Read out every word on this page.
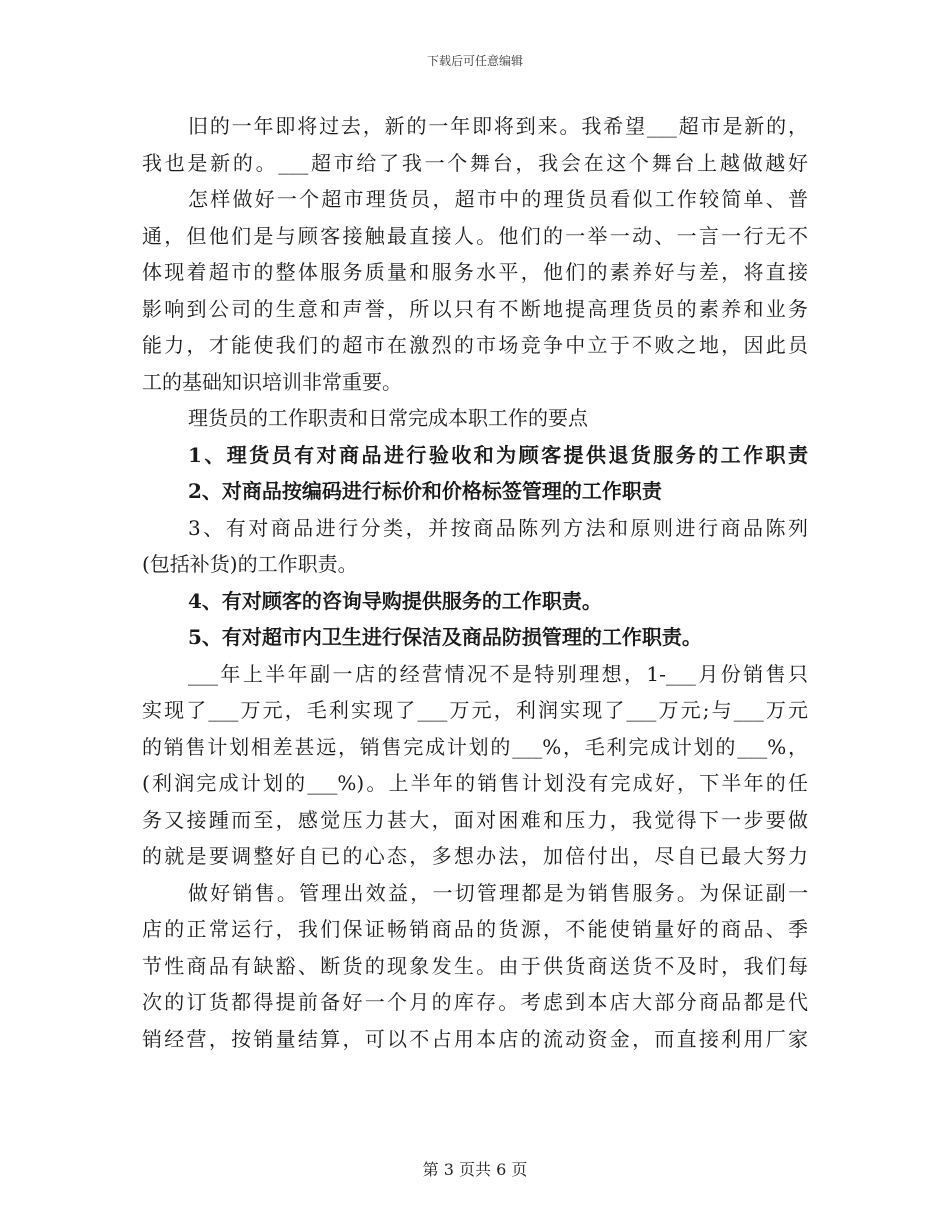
下载后可任意编辑
旧的一年即将过去，新的一年即将到来。我希望___超市是新的，
我也是新的。___超市给了我一个舞台，我会在这个舞台上越做越好
怎样做好一个超市理货员，超市中的理货员看似工作较简单、普
通，但他们是与顾客接触最直接人。他们的一举一动、一言一行无不
体现着超市的整体服务质量和服务水平，他们的素养好与差，将直接
影响到公司的生意和声誉，所以只有不断地提高理货员的素养和业务
能力，才能使我们的超市在激烈的市场竞争中立于不败之地，因此员
工的基础知识培训非常重要。
理货员的工作职责和日常完成本职工作的要点
1、理货员有对商品进行验收和为顾客提供退货服务的工作职责
2、对商品按编码进行标价和价格标签管理的工作职责
3、有对商品进行分类，并按商品陈列方法和原则进行商品陈列
(包括补货)的工作职责。
4、有对顾客的咨询导购提供服务的工作职责。
5、有对超市内卫生进行保洁及商品防损管理的工作职责。
___年上半年副一店的经营情况不是特别理想，1-___月份销售只
实现了___万元，毛利实现了___万元，利润实现了___万元;与___万元
的销售计划相差甚远，销售完成计划的___%，毛利完成计划的___%，
(利润完成计划的___%)。上半年的销售计划没有完成好，下半年的任
务又接踵而至，感觉压力甚大，面对困难和压力，我觉得下一步要做
的就是要调整好自已的心态，多想办法，加倍付出，尽自已最大努力
做好销售。管理出效益，一切管理都是为销售服务。为保证副一
店的正常运行，我们保证畅销商品的货源，不能使销量好的商品、季
节性商品有缺豁、断货的现象发生。由于供货商送货不及时，我们每
次的订货都得提前备好一个月的库存。考虑到本店大部分商品都是代
销经营，按销量结算，可以不占用本店的流动资金，而直接利用厂家
第 3 页共 6 页
